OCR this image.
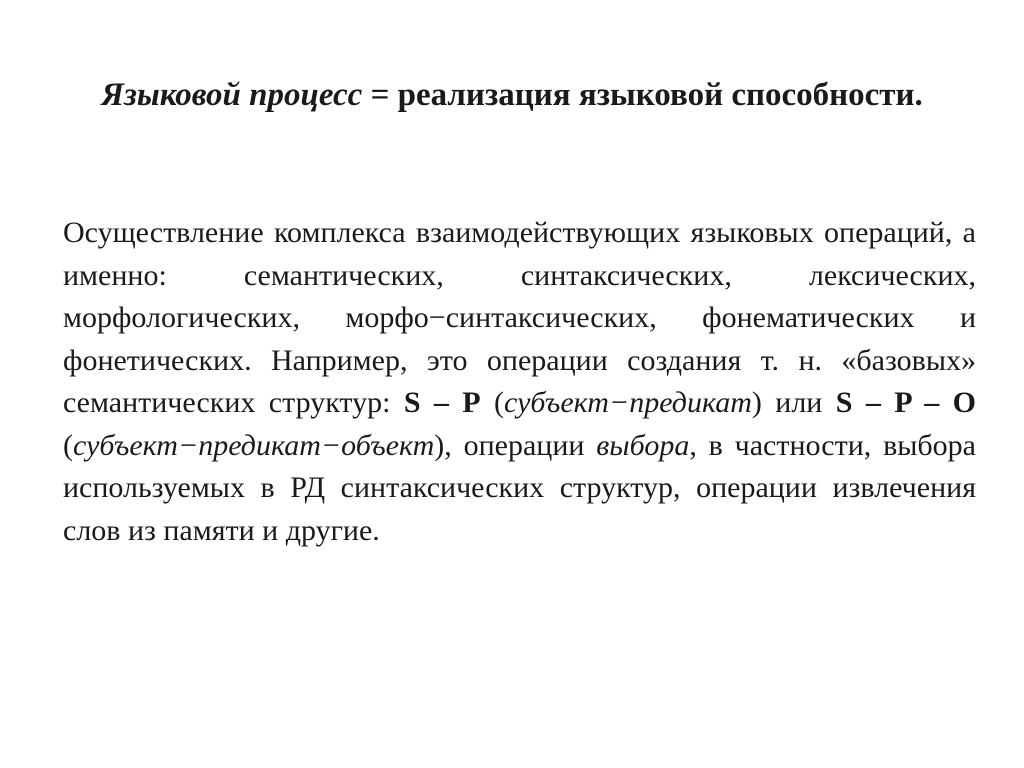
Языковой процесс = реализация языковой способности.
Осуществление комплекса взаимодействующих языковых операций, а именно: семантических, синтаксических, лексических, морфологических, морфо−синтаксических, фонематических и фонетических. Например, это операции создания т. н. «базовых» семантических структур: S – P (субъект−предикат) или S – P – O (субъект−предикат−объект), операции выбора, в частности, выбора используемых в РД синтаксических структур, операции извлечения слов из памяти и другие.
